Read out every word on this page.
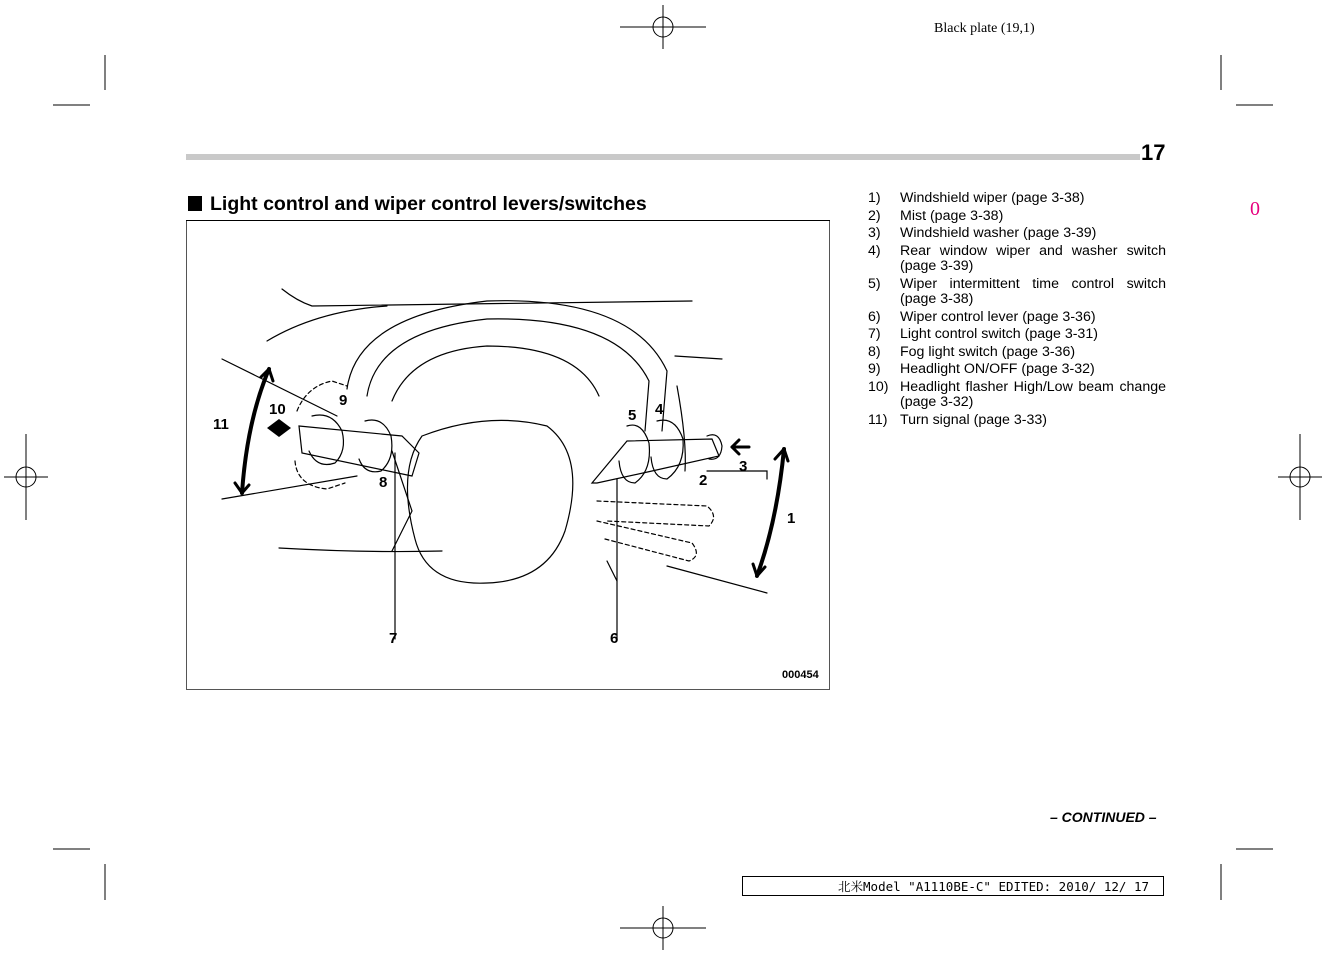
Black plate (19,1)
0
17
Light control and wiper control levers/switches
11
10
9
8
7	6
5 4
3
2
1
000454
1)	Windshield wiper (page 3-38)
2)	Mist (page 3-38)
3)	Windshield washer (page 3-39)
4)	Rear window wiper and washer switch (page 3-39)
5)	Wiper intermittent time control switch (page 3-38)
6)	Wiper control lever (page 3-36)
7)	Light control switch (page 3-31)
8)	Fog light switch (page 3-36)
9)	Headlight ON/OFF (page 3-32)
10) Headlight flasher High/Low beam change (page 3-32)
11) Turn signal (page 3-33)
– CONTINUED –
北米Model "A1110BE-C" EDITED: 2010/ 12/ 17
